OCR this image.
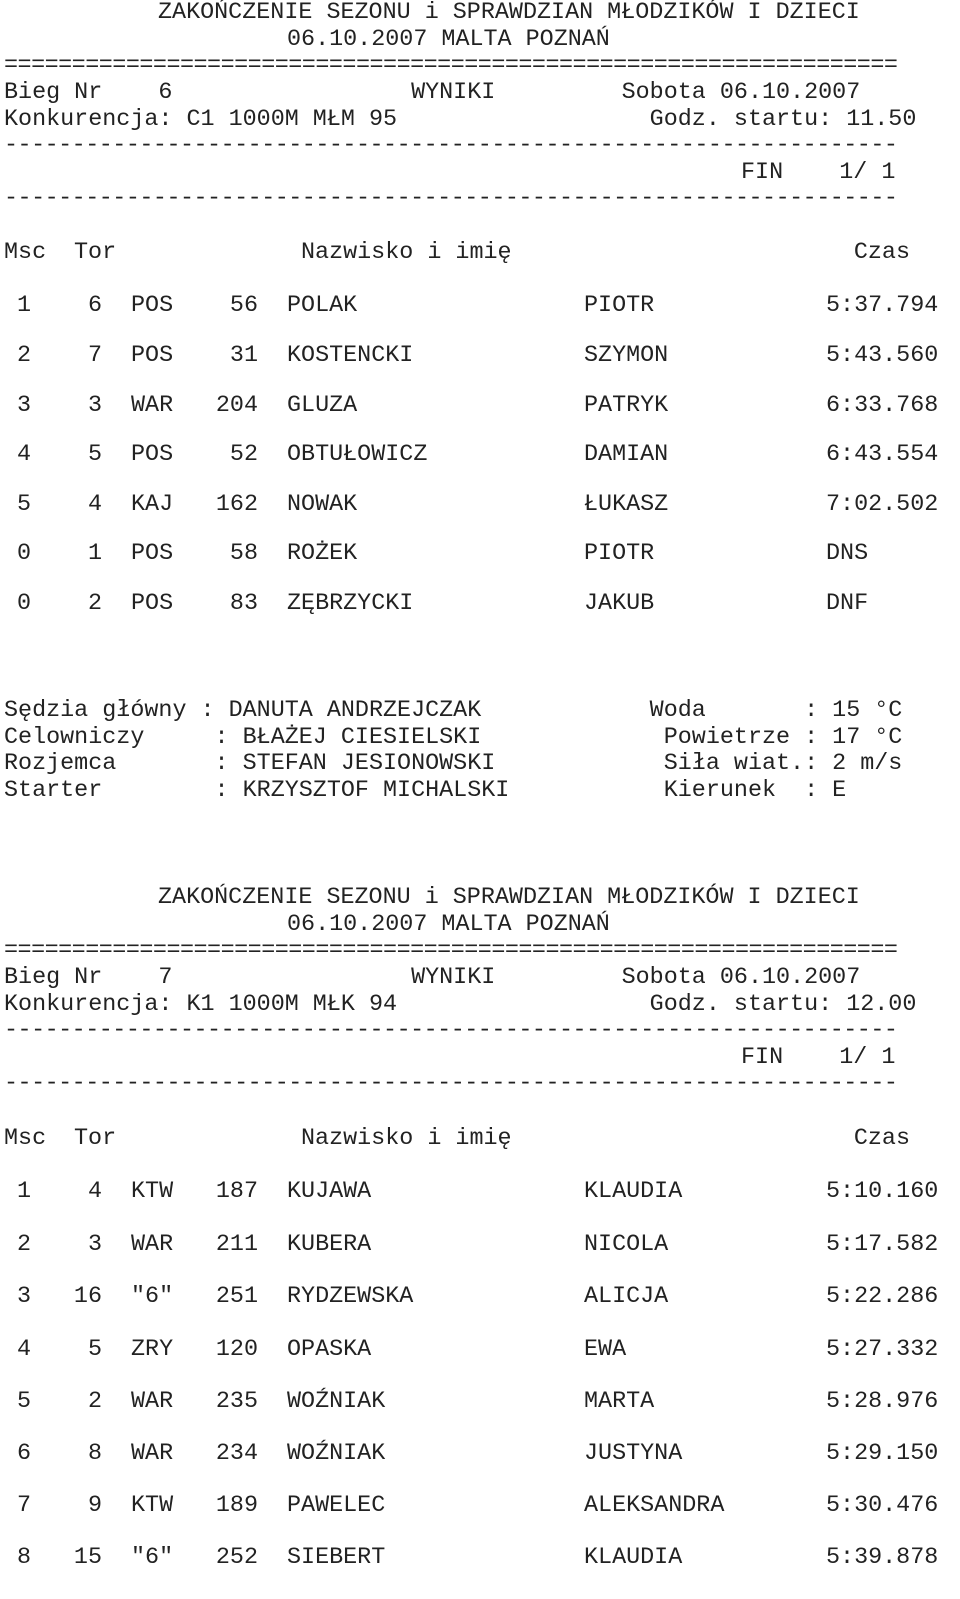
ZAKOŃCZENIE SEZONU i SPRAWDZIAN MŁODZIKÓW I DZIECI
06.10.2007 MALTA POZNAŃ
==================================================================
Bieg Nr    6                 WYNIKI         Sobota 06.10.2007
Konkurencja: C1 1000M MŁM 95                  Godz. startu: 11.50
------------------------------------------------------------------
FIN    1/ 1
------------------------------------------------------------------
Msc Tor	Nazwisko i imię	Czas
1	6 POS	56 POLAK	PIOTR	5:37.794
2	7 POS	31 KOSTENCKI	SZYMON	5:43.560
3	3 WAR	204 GLUZA	PATRYK	6:33.768
4	5 POS	52 OBTUŁOWICZ	DAMIAN	6:43.554
5	4 KAJ	162 NOWAK	ŁUKASZ	7:02.502
0	1 POS	58 ROŻEK	PIOTR	DNS
0	2 POS	83 ZĘBRZYCKI	JAKUB	DNF
Sędzia główny : DANUTA ANDRZEJCZAK            Woda       : 15 °C
Celowniczy     : BŁAŻEJ CIESIELSKI             Powietrze : 17 °C
Rozjemca       : STEFAN JESIONOWSKI            Siła wiat.: 2 m/s
Starter        : KRZYSZTOF MICHALSKI           Kierunek  : E
ZAKOŃCZENIE SEZONU i SPRAWDZIAN MŁODZIKÓW I DZIECI
06.10.2007 MALTA POZNAŃ
==================================================================
Bieg Nr    7                 WYNIKI         Sobota 06.10.2007
Konkurencja: K1 1000M MŁK 94                  Godz. startu: 12.00
------------------------------------------------------------------
FIN    1/ 1
------------------------------------------------------------------
Msc Tor	Nazwisko i imię	Czas
1	4 KTW	187 KUJAWA	KLAUDIA	5:10.160
2	3 WAR	211 KUBERA	NICOLA	5:17.582
3	16 "6"	251 RYDZEWSKA	ALICJA	5:22.286
4	5 ZRY	120 OPASKA	EWA	5:27.332
5	2 WAR	235 WOŹNIAK	MARTA	5:28.976
6	8 WAR	234 WOŹNIAK	JUSTYNA	5:29.150
7	9 KTW	189 PAWELEC	ALEKSANDRA	5:30.476
8	15 "6"	252 SIEBERT	KLAUDIA	5:39.878
